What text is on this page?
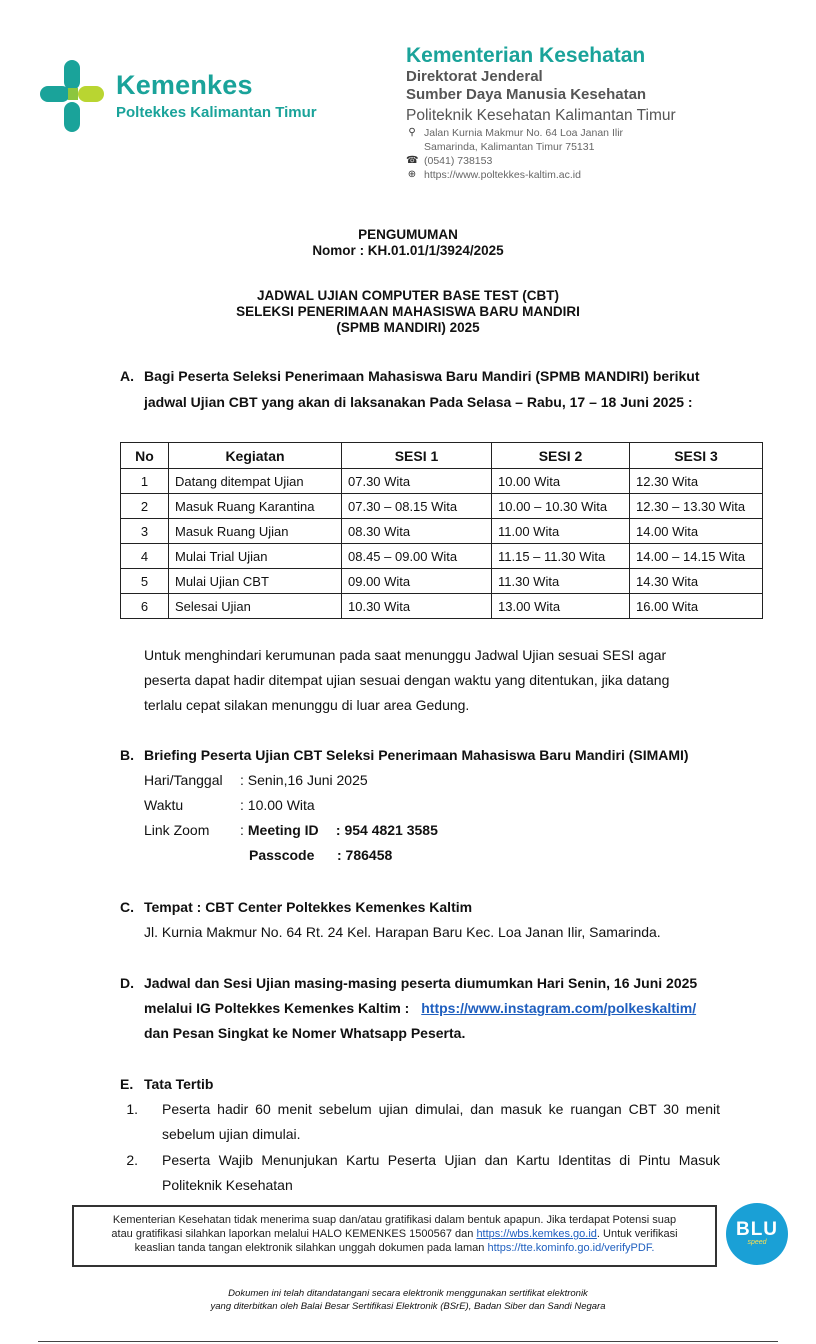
Kemenkes
Poltekkes Kalimantan Timur
Kementerian Kesehatan
Direktorat Jenderal
Sumber Daya Manusia Kesehatan
Politeknik Kesehatan Kalimantan Timur
⚲ Jalan Kurnia Makmur No. 64 Loa Janan Ilir
Samarinda, Kalimantan Timur 75131
☎ (0541) 738153
⊕ https://www.poltekkes-kaltim.ac.id
PENGUMUMAN
Nomor : KH.01.01/1/3924/2025
JADWAL UJIAN COMPUTER BASE TEST (CBT)
SELEKSI PENERIMAAN MAHASISWA BARU MANDIRI
(SPMB MANDIRI) 2025
A. Bagi Peserta Seleksi Penerimaan Mahasiswa Baru Mandiri (SPMB MANDIRI) berikut
jadwal Ujian CBT yang akan di laksanakan Pada Selasa – Rabu, 17 – 18 Juni 2025 :
No	Kegiatan	SESI 1	SESI 2	SESI 3
1	Datang ditempat Ujian	07.30 Wita	10.00 Wita	12.30 Wita
2	Masuk Ruang Karantina	07.30 – 08.15 Wita	10.00 – 10.30 Wita	12.30 – 13.30 Wita
3	Masuk Ruang Ujian	08.30 Wita	11.00 Wita	14.00 Wita
4	Mulai Trial Ujian	08.45 – 09.00 Wita	11.15 – 11.30 Wita	14.00 – 14.15 Wita
5	Mulai Ujian CBT	09.00 Wita	11.30 Wita	14.30 Wita
6	Selesai Ujian	10.30 Wita	13.00 Wita	16.00 Wita
Untuk menghindari kerumunan pada saat menunggu Jadwal Ujian sesuai SESI agar
peserta dapat hadir ditempat ujian sesuai dengan waktu yang ditentukan, jika datang
terlalu cepat silakan menunggu di luar area Gedung.
B. Briefing Peserta Ujian CBT Seleksi Penerimaan Mahasiswa Baru Mandiri (SIMAMI)
Hari/Tanggal	: Senin,16 Juni 2025
Waktu	: 10.00 Wita
Link Zoom	: Meeting ID	: 954 4821 3585
Passcode	: 786458
C. Tempat : CBT Center Poltekkes Kemenkes Kaltim
Jl. Kurnia Makmur No. 64 Rt. 24 Kel. Harapan Baru Kec. Loa Janan Ilir, Samarinda.
D. Jadwal dan Sesi Ujian masing-masing peserta diumumkan Hari Senin, 16 Juni 2025
melalui IG Poltekkes Kemenkes Kaltim : https://www.instagram.com/polkeskaltim/
dan Pesan Singkat ke Nomer Whatsapp Peserta.
E. Tata Tertib
1. Peserta hadir 60 menit sebelum ujian dimulai, dan masuk ke ruangan CBT 30 menit sebelum ujian dimulai.
2. Peserta Wajib Menunjukan Kartu Peserta Ujian dan Kartu Identitas di Pintu Masuk Politeknik Kesehatan
Kementerian Kesehatan tidak menerima suap dan/atau gratifikasi dalam bentuk apapun. Jika terdapat Potensi suap
atau gratifikasi silahkan laporkan melalui HALO KEMENKES 1500567 dan https://wbs.kemkes.go.id. Untuk verifikasi
keaslian tanda tangan elektronik silahkan unggah dokumen pada laman https://tte.kominfo.go.id/verifyPDF.
BLU
speed
Dokumen ini telah ditandatangani secara elektronik menggunakan sertifikat elektronik
yang diterbitkan oleh Balai Besar Sertifikasi Elektronik (BSrE), Badan Siber dan Sandi Negara
